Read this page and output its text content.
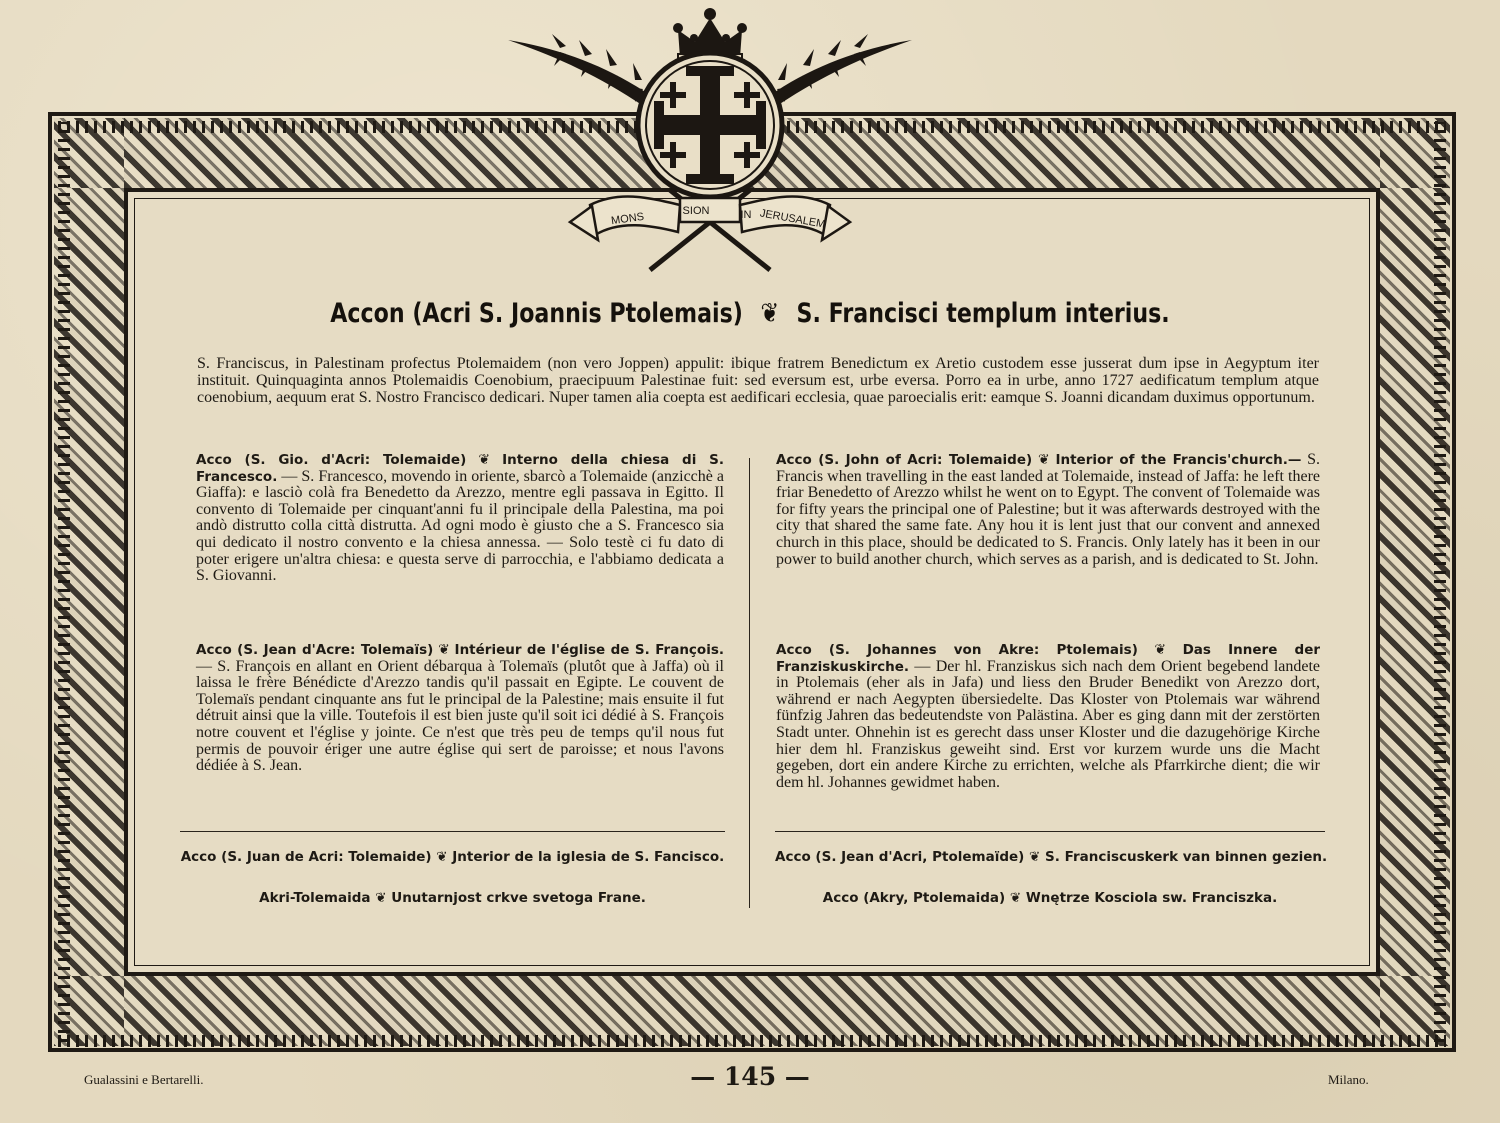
MONS	SION	IN JERUSALEM
Accon (Acri S. Joannis Ptolemais) ❦ S. Francisci templum interius.
S. Franciscus, in Palestinam profectus Ptolemaidem (non vero Joppen) appulit: ibique fratrem Benedictum ex Aretio custodem esse jusserat dum ipse in Aegyptum iter instituit. Quinquaginta annos Ptolemaidis Coenobium, praecipuum Palestinae fuit: sed eversum est, urbe eversa. Porro ea in urbe, anno 1727 aedificatum templum atque coenobium, aequum erat S. Nostro Francisco dedicari. Nuper tamen alia coepta est aedificari ecclesia, quae paroecialis erit: eamque S. Joanni dicandam duximus opportunum.
Acco (S. Gio. d'Acri: Tolemaide) ❦ Interno della chiesa di S. Francesco. — S. Francesco, movendo in oriente, sbarcò a Tolemaide (anzicchè a Giaffa): e lasciò colà fra Benedetto da Arezzo, mentre egli passava in Egitto. Il convento di Tolemaide per cinquant'anni fu il principale della Palestina, ma poi andò distrutto colla città distrutta. Ad ogni modo è giusto che a S. Francesco sia qui dedicato il nostro convento e la chiesa annessa. — Solo testè ci fu dato di poter erigere un'altra chiesa: e questa serve di parrocchia, e l'abbiamo dedicata a S. Giovanni.
Acco (S. John of Acri: Tolemaide) ❦ Interior of the Francis'church.— S. Francis when travelling in the east landed at Tolemaide, instead of Jaffa: he left there friar Benedetto of Arezzo whilst he went on to Egypt. The convent of Tolemaide was for fifty years the principal one of Palestine; but it was afterwards destroyed with the city that shared the same fate. Any hou it is lent just that our convent and annexed church in this place, should be dedicated to S. Francis. Only lately has it been in our power to build another church, which serves as a parish, and is dedicated to St. John.
Acco (S. Jean d'Acre: Tolemaïs) ❦ Intérieur de l'église de S. François. — S. François en allant en Orient débarqua à Tolemaïs (plutôt que à Jaffa) où il laissa le frère Bénédicte d'Arezzo tandis qu'il passait en Egipte. Le couvent de Tolemaïs pendant cinquante ans fut le principal de la Palestine; mais ensuite il fut détruit ainsi que la ville. Toutefois il est bien juste qu'il soit ici dédié à S. François notre couvent et l'église y jointe. Ce n'est que très peu de temps qu'il nous fut permis de pouvoir ériger une autre église qui sert de paroisse; et nous l'avons dédiée à S. Jean.
Acco (S. Johannes von Akre: Ptolemais) ❦ Das Innere der Franziskuskirche. — Der hl. Franziskus sich nach dem Orient begebend landete in Ptolemais (eher als in Jafa) und liess den Bruder Benedikt von Arezzo dort, während er nach Aegypten übersiedelte. Das Kloster von Ptolemais war während fünfzig Jahren das bedeutendste von Palästina. Aber es ging dann mit der zerstörten Stadt unter. Ohnehin ist es gerecht dass unser Kloster und die dazugehörige Kirche hier dem hl. Franziskus geweiht sind. Erst vor kurzem wurde uns die Macht gegeben, dort ein andere Kirche zu errichten, welche als Pfarrkirche dient; die wir dem hl. Johannes gewidmet haben.
Acco (S. Juan de Acri: Tolemaide) ❦ Jnterior de la iglesia de S. Fancisco.	Acco (S. Jean d'Acri, Ptolemaïde) ❦ S. Franciscuskerk van binnen gezien.
Akri-Tolemaida ❦ Unutarnjost crkve svetoga Frane.	Acco (Akry, Ptolemaida) ❦ Wnętrze Kosciola sw. Franciszka.
Gualassini e Bertarelli.	— 145 —	Milano.
